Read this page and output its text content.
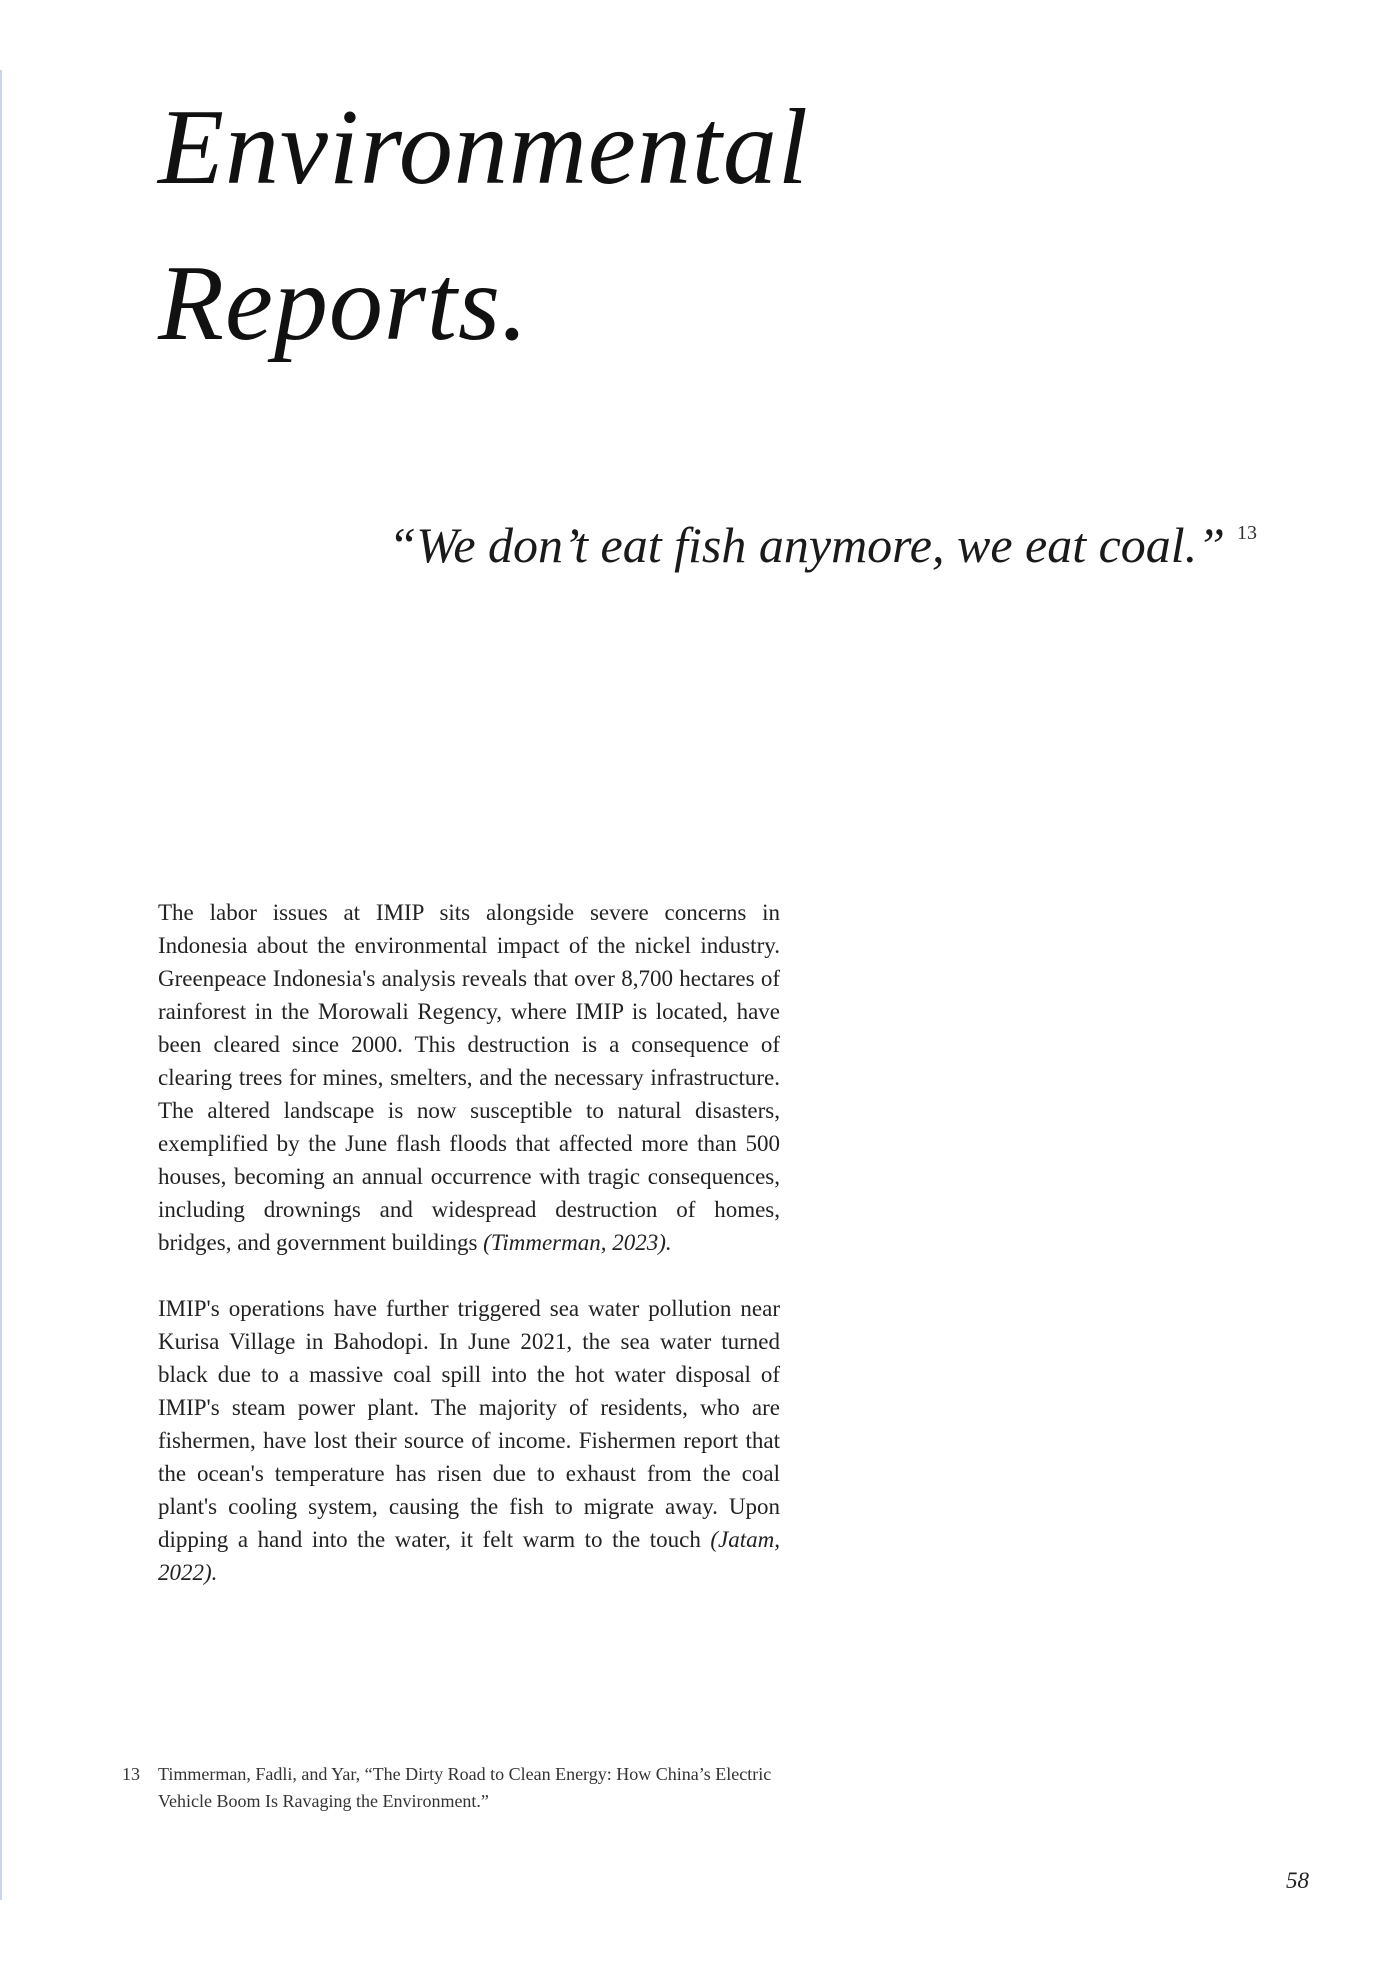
Environmental
Reports.

“We don’t eat fish anymore, we eat coal.” 13

The labor issues at IMIP sits alongside severe concerns in Indonesia about the environmental impact of the nickel industry. Greenpeace Indonesia's analysis reveals that over 8,700 hectares of rainforest in the Morowali Regency, where IMIP is located, have been cleared since 2000. This destruction is a consequence of clearing trees for mines, smelters, and the necessary infrastructure. The altered landscape is now susceptible to natural disasters, exemplified by the June flash floods that affected more than 500 houses, becoming an annual occurrence with tragic consequences, including drownings and widespread destruction of homes, bridges, and government buildings (Timmerman, 2023).

IMIP's operations have further triggered sea water pollution near Kurisa Village in Bahodopi. In June 2021, the sea water turned black due to a massive coal spill into the hot water disposal of IMIP's steam power plant. The majority of residents, who are fishermen, have lost their source of income. Fishermen report that the ocean's temperature has risen due to exhaust from the coal plant's cooling system, causing the fish to migrate away. Upon dipping a hand into the water, it felt warm to the touch (Jatam, 2022).

13 Timmerman, Fadli, and Yar, “The Dirty Road to Clean Energy: How China’s Electric Vehicle Boom Is Ravaging the Environment.”
58
